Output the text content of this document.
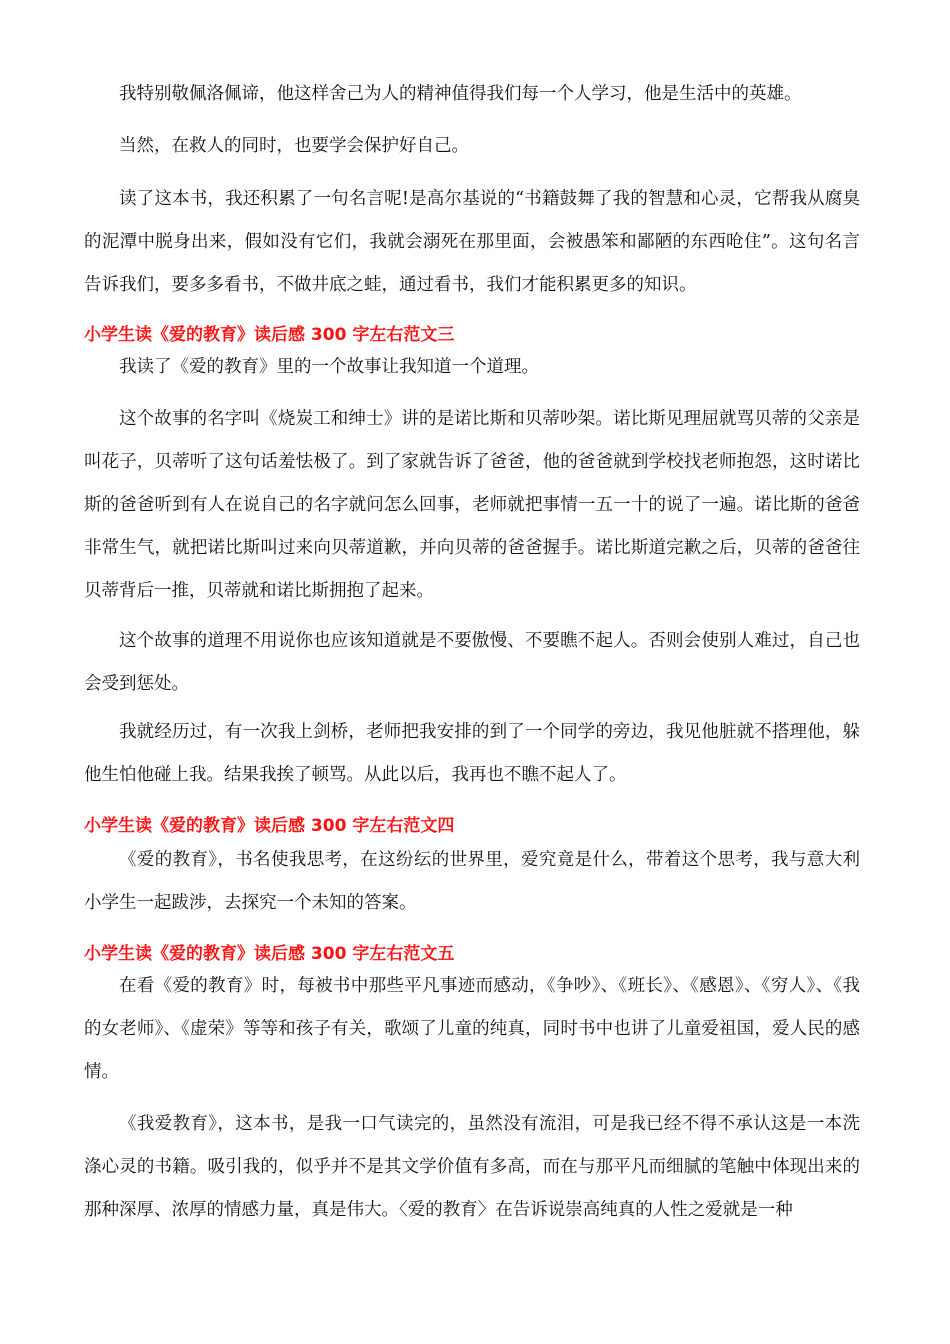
我特别敬佩洛佩谛，他这样舍己为人的精神值得我们每一个人学习，他是生活中的英雄。

当然，在救人的同时，也要学会保护好自己。

读了这本书，我还积累了一句名言呢!是高尔基说的“书籍鼓舞了我的智慧和心灵，它帮我从腐臭的泥潭中脱身出来，假如没有它们，我就会溺死在那里面，会被愚笨和鄙陋的东西呛住”。这句名言告诉我们，要多多看书，不做井底之蛙，通过看书，我们才能积累更多的知识。

小学生读《爱的教育》读后感 300 字左右范文三

我读了《爱的教育》里的一个故事让我知道一个道理。

这个故事的名字叫《烧炭工和绅士》讲的是诺比斯和贝蒂吵架。诺比斯见理屈就骂贝蒂的父亲是叫花子，贝蒂听了这句话羞怯极了。到了家就告诉了爸爸，他的爸爸就到学校找老师抱怨，这时诺比斯的爸爸听到有人在说自己的名字就问怎么回事，老师就把事情一五一十的说了一遍。诺比斯的爸爸非常生气，就把诺比斯叫过来向贝蒂道歉，并向贝蒂的爸爸握手。诺比斯道完歉之后，贝蒂的爸爸往贝蒂背后一推，贝蒂就和诺比斯拥抱了起来。

这个故事的道理不用说你也应该知道就是不要傲慢、不要瞧不起人。否则会使别人难过，自己也会受到惩处。

我就经历过，有一次我上剑桥，老师把我安排的到了一个同学的旁边，我见他脏就不搭理他，躲他生怕他碰上我。结果我挨了顿骂。从此以后，我再也不瞧不起人了。

小学生读《爱的教育》读后感 300 字左右范文四

《爱的教育》，书名使我思考，在这纷纭的世界里，爱究竟是什么，带着这个思考，我与意大利小学生一起跋涉，去探究一个未知的答案。

小学生读《爱的教育》读后感 300 字左右范文五

在看《爱的教育》时，每被书中那些平凡事迹而感动，《争吵》、《班长》、《感恩》、《穷人》、《我的女老师》、《虚荣》等等和孩子有关，歌颂了儿童的纯真，同时书中也讲了儿童爱祖国，爱人民的感情。

《我爱教育》，这本书，是我一口气读完的，虽然没有流泪，可是我已经不得不承认这是一本洗涤心灵的书籍。吸引我的，似乎并不是其文学价值有多高，而在与那平凡而细腻的笔触中体现出来的那种深厚、浓厚的情感力量，真是伟大。〈爱的教育〉在告诉说崇高纯真的人性之爱就是一种
